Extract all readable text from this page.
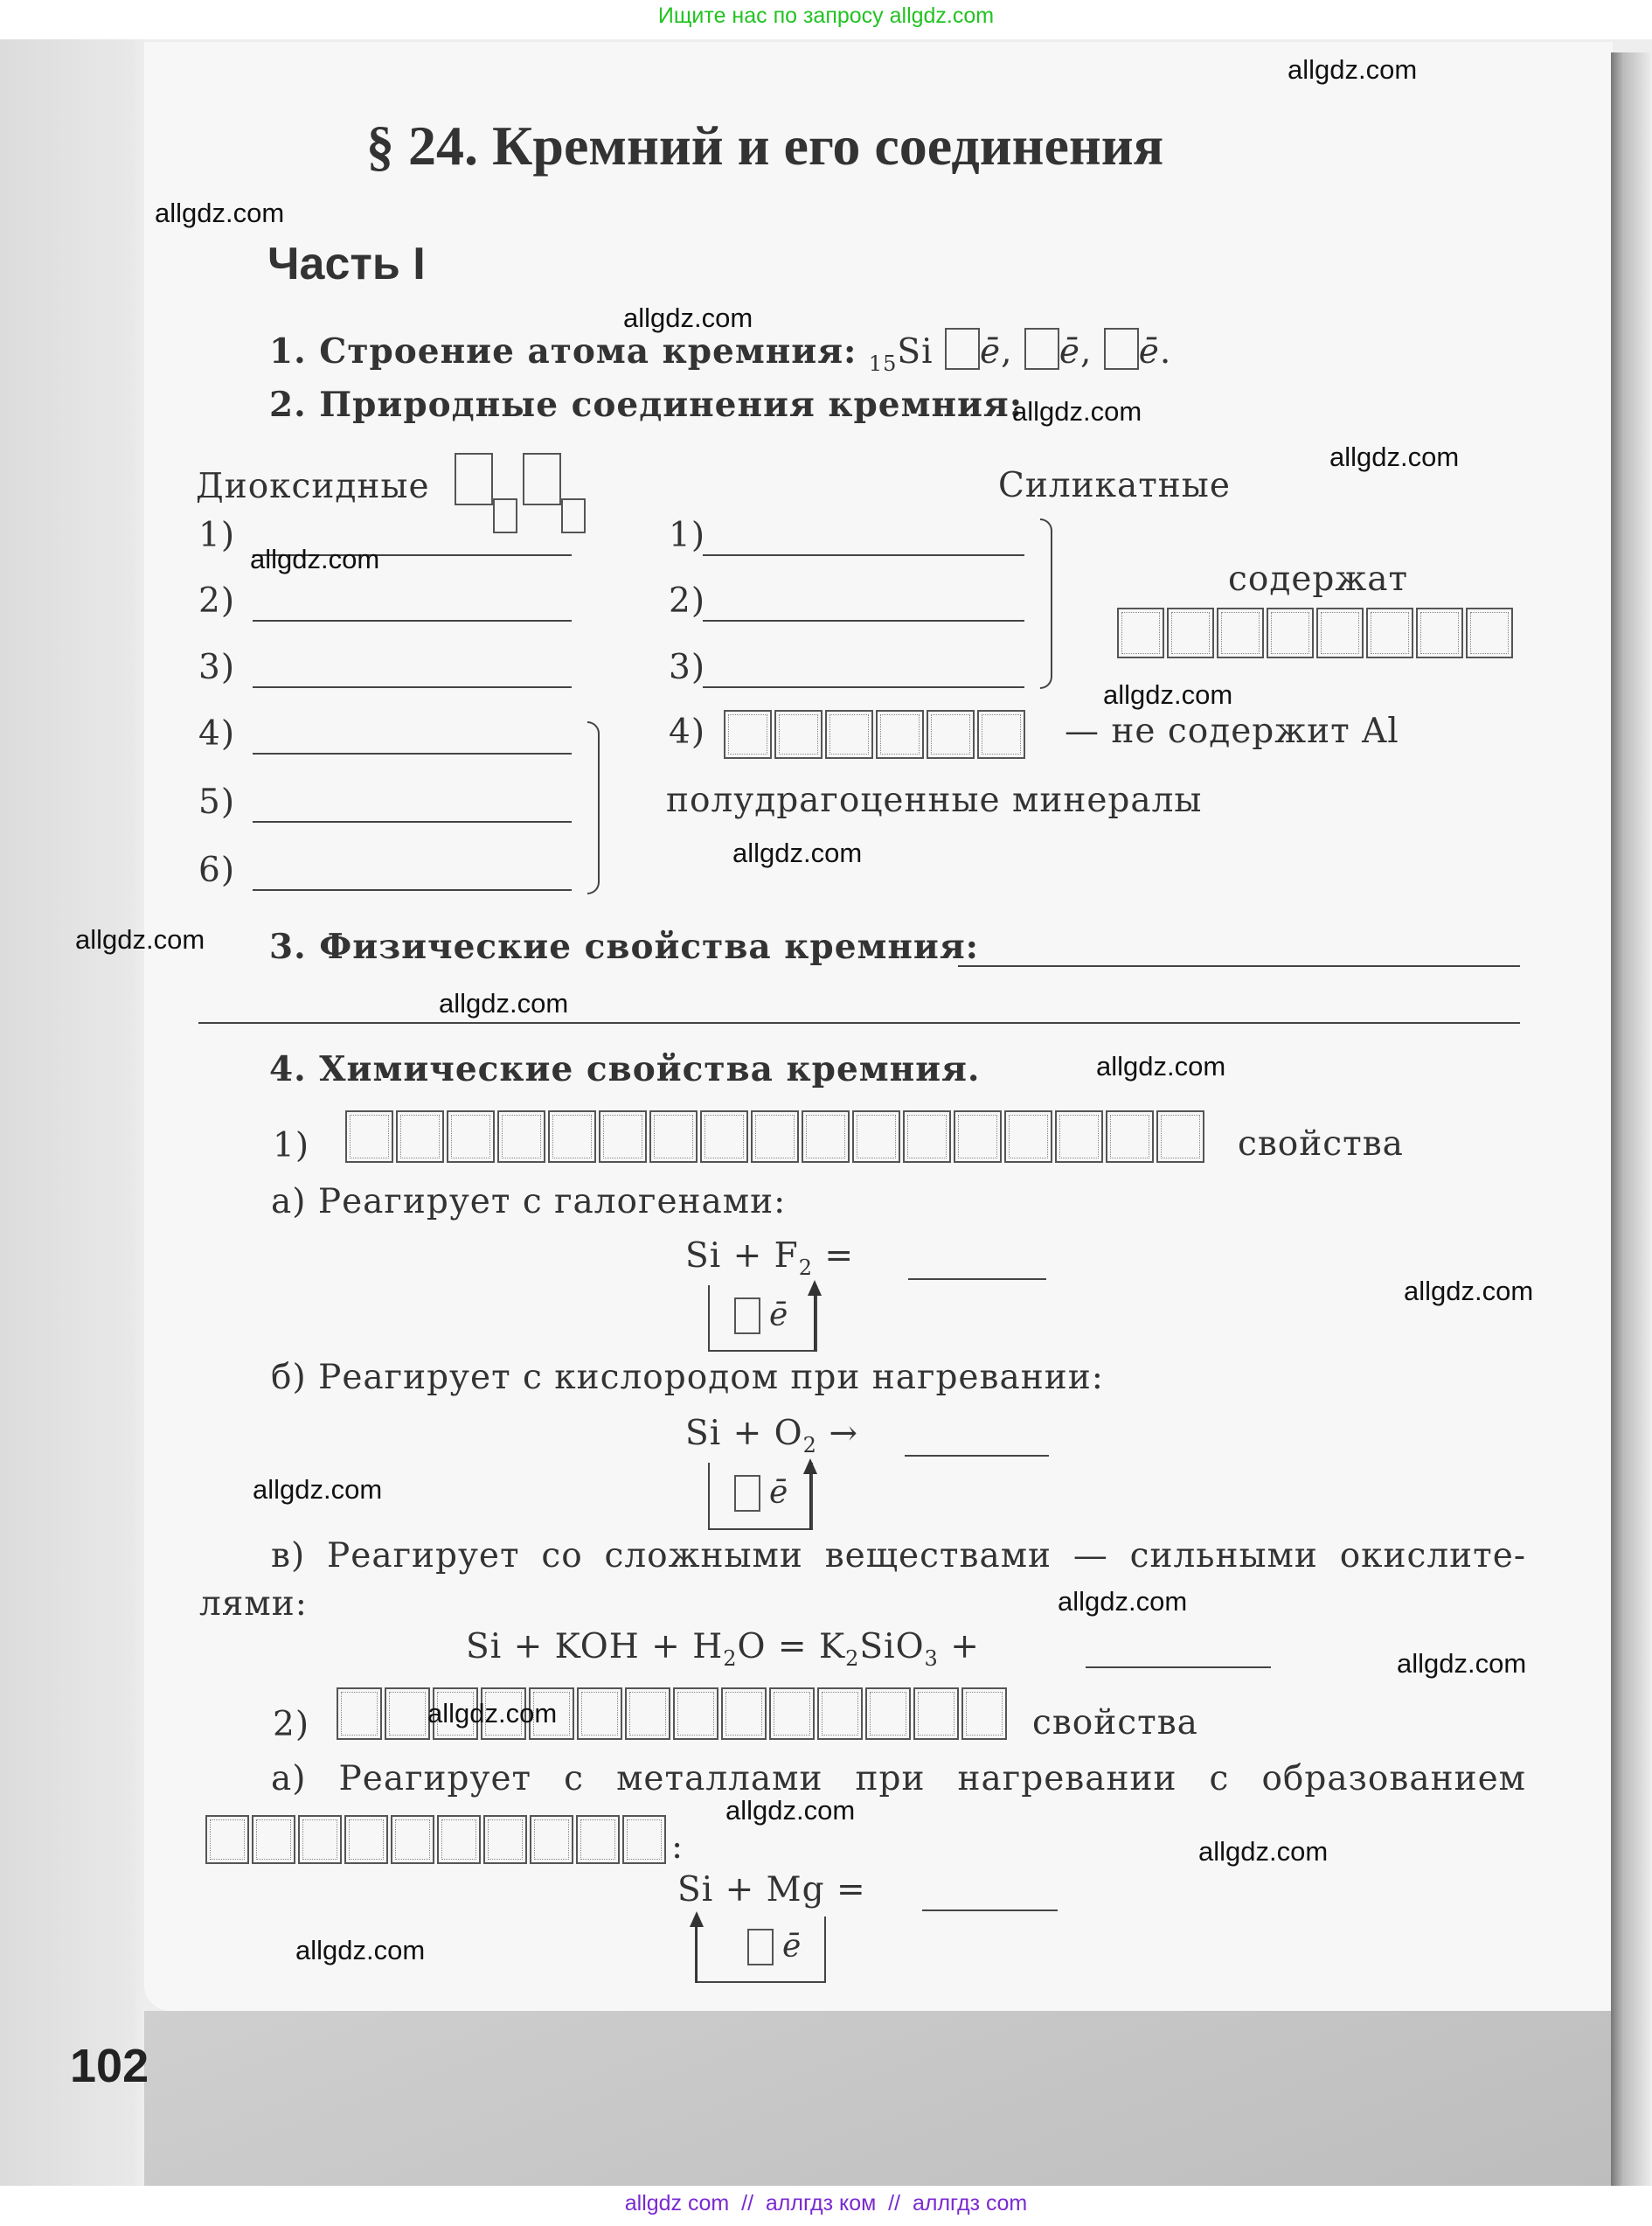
Ищите нас по запросу allgdz.com
§ 24. Кремний и его соединения
Часть I
1. Строение атома кремния: $_{15}$Si ē, ē, ē.
2. Природные соединения кремния:
Диоксидные	Силикатные
1)
2)
3)
4)
5)
6)
1)
2)
3)
4)
содержат
— не содержит Al
полудрагоценные минералы
3. Физические свойства кремния:
4. Химические свойства кремния.
1)	свойства
а) Реагирует с галогенами:
$Si + F_2$ =
ē
б) Реагирует с кислородом при нагревании:
$Si + O_2$ →
ē
в) Реагирует со сложными веществами — сильными окислите-
лями:
Si + KOH + $H_2O = K_2SiO_3$ +
2)	свойства
а) Реагирует с металлами при нагревании с образованием
:
Si + Mg =
ē
102
allgdz com  //  аллгдз ком  //  аллгдз com
allgdz.com
allgdz.com
allgdz.com
allgdz.com
allgdz.com
allgdz.com
allgdz.com
allgdz.com
allgdz.com
allgdz.com
allgdz.com
allgdz.com
allgdz.com
allgdz.com
allgdz.com
allgdz.com
allgdz.com
allgdz.com
allgdz.com
